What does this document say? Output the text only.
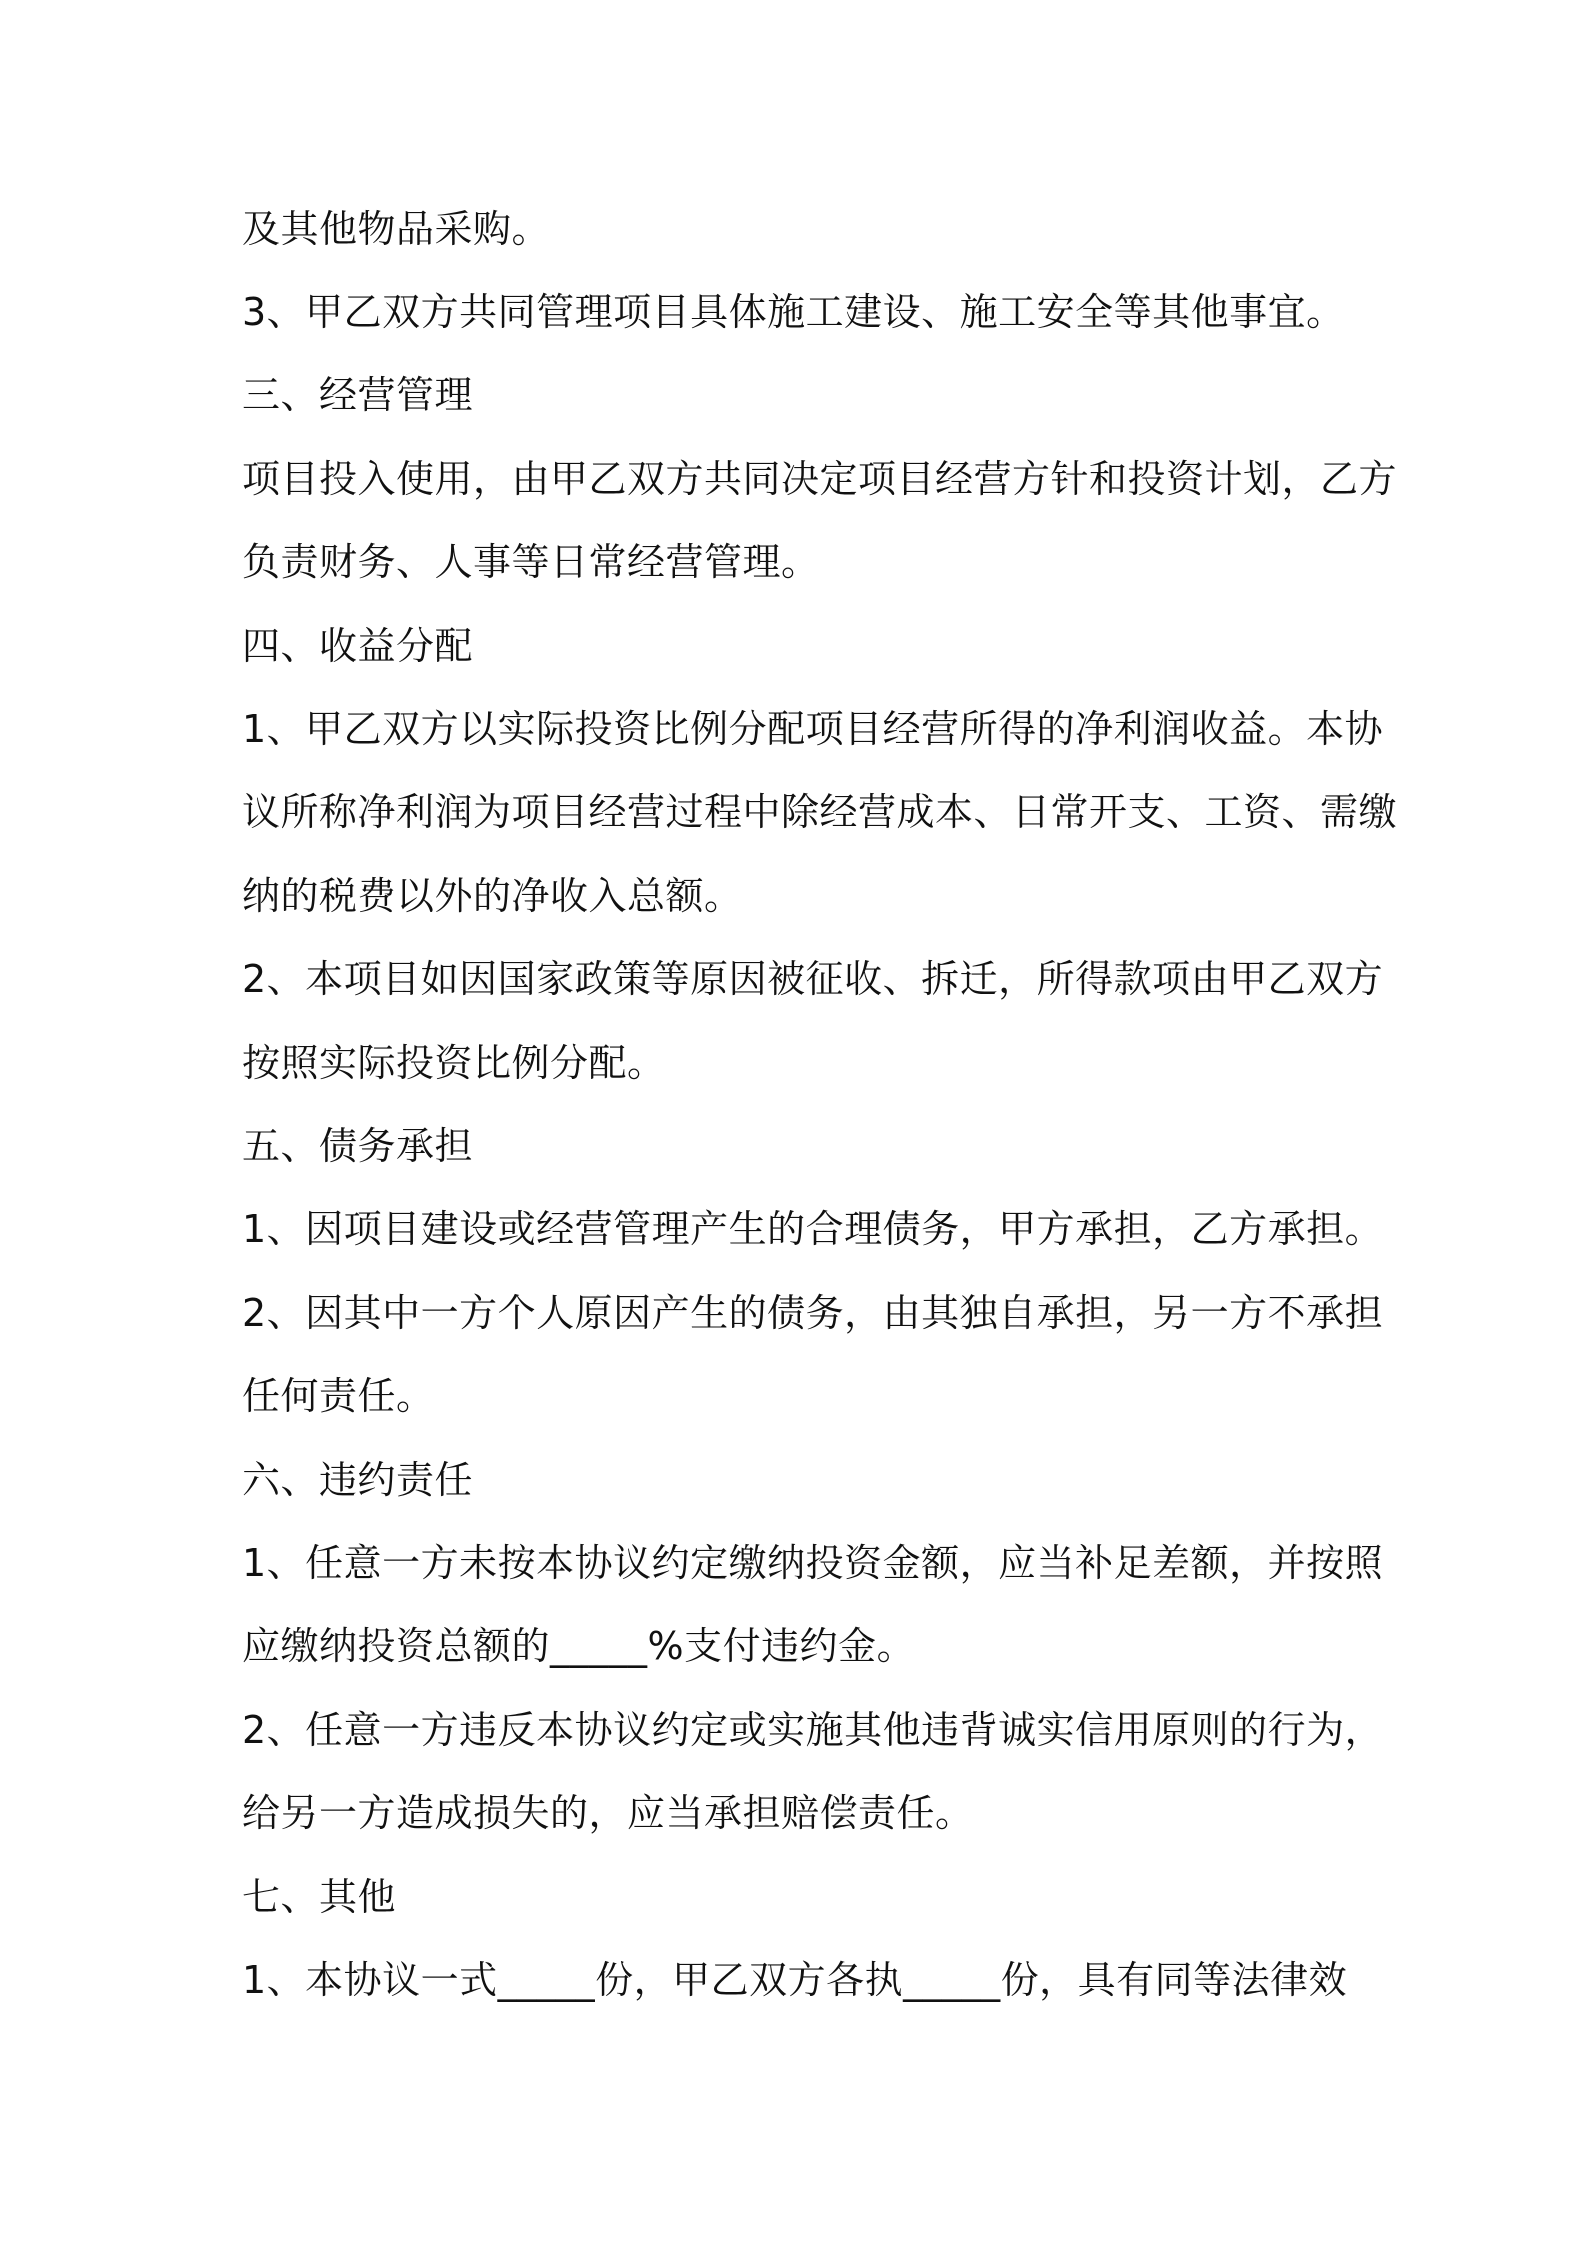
及其他物品采购。
3、甲乙双方共同管理项目具体施工建设、施工安全等其他事宜。
三、经营管理
项目投入使用，由甲乙双方共同决定项目经营方针和投资计划，乙方
负责财务、人事等日常经营管理。
四、收益分配
1、甲乙双方以实际投资比例分配项目经营所得的净利润收益。本协
议所称净利润为项目经营过程中除经营成本、日常开支、工资、需缴
纳的税费以外的净收入总额。
2、本项目如因国家政策等原因被征收、拆迁，所得款项由甲乙双方
按照实际投资比例分配。
五、债务承担
1、因项目建设或经营管理产生的合理债务，甲方承担，乙方承担。
2、因其中一方个人原因产生的债务，由其独自承担，另一方不承担
任何责任。
六、违约责任
1、任意一方未按本协议约定缴纳投资金额，应当补足差额，并按照
应缴纳投资总额的_____%支付违约金。
2、任意一方违反本协议约定或实施其他违背诚实信用原则的行为，
给另一方造成损失的，应当承担赔偿责任。
七、其他
1、本协议一式_____份，甲乙双方各执_____份，具有同等法律效
